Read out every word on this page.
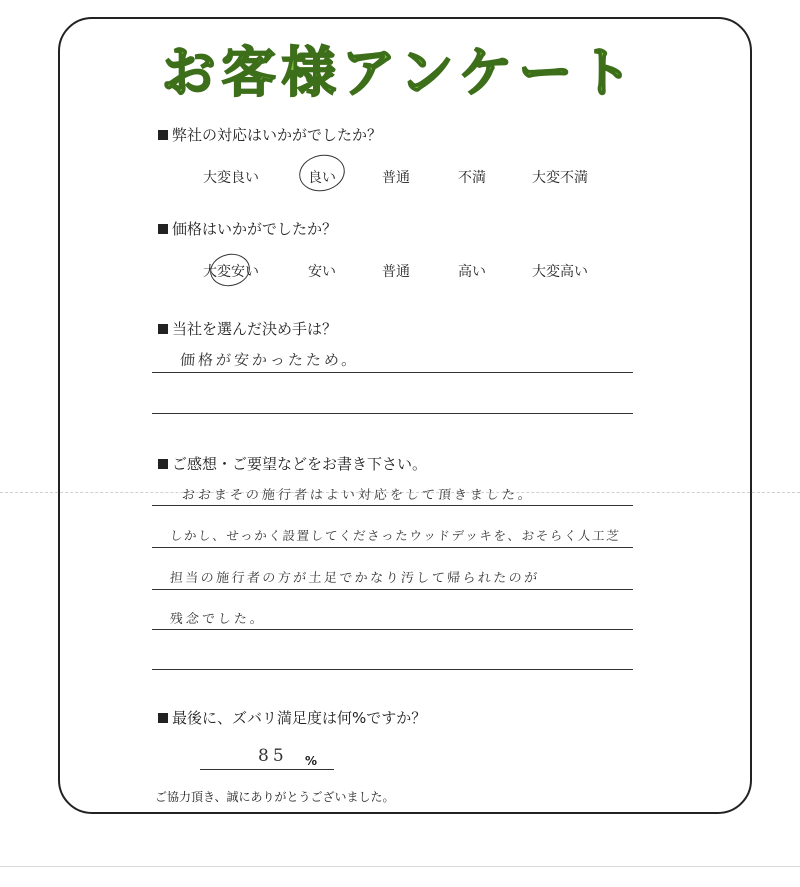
お客様アンケート
弊社の対応はいかがでしたか？
大変良い	良い	普通	不満	大変不満
価格はいかがでしたか？
大変安い	安い	普通	高い	大変高い
当社を選んだ決め手は？
価格が安かったため。
ご感想・ご要望などをお書き下さい。
おおまその施行者はよい対応をして頂きました。
しかし、せっかく設置してくださったウッドデッキを、おそらく人工芝
担当の施行者の方が土足でかなり汚して帰られたのが
残念でした。
最後に、ズバリ満足度は何%ですか？
85 %
ご協力頂き、誠にありがとうございました。
